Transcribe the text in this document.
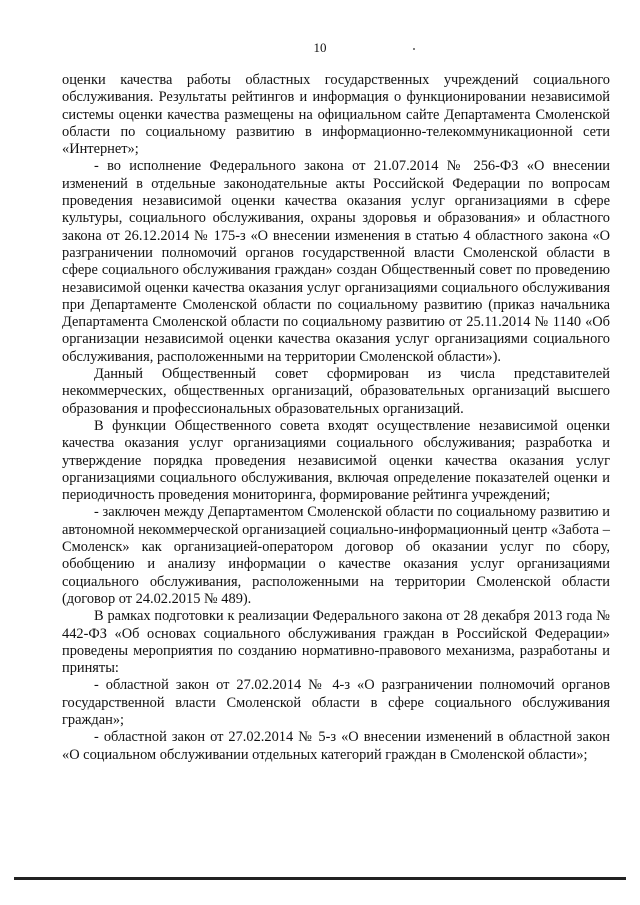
10

оценки качества работы областных государственных учреждений социального обслуживания. Результаты рейтингов и информация о функционировании независимой системы оценки качества размещены на официальном сайте Департамента Смоленской области по социальному развитию в информационно-телекоммуникационной сети «Интернет»;

- во исполнение Федерального закона от 21.07.2014 № 256-ФЗ «О внесении изменений в отдельные законодательные акты Российской Федерации по вопросам проведения независимой оценки качества оказания услуг организациями в сфере культуры, социального обслуживания, охраны здоровья и образования» и областного закона от 26.12.2014 № 175-з «О внесении изменения в статью 4 областного закона «О разграничении полномочий органов государственной власти Смоленской области в сфере социального обслуживания граждан» создан Общественный совет по проведению независимой оценки качества оказания услуг организациями социального обслуживания при Департаменте Смоленской области по социальному развитию (приказ начальника Департамента Смоленской области по социальному развитию от 25.11.2014 № 1140 «Об организации независимой оценки качества оказания услуг организациями социального обслуживания, расположенными на территории Смоленской области»).

Данный Общественный совет сформирован из числа представителей некоммерческих, общественных организаций, образовательных организаций высшего образования и профессиональных образовательных организаций.

В функции Общественного совета входят осуществление независимой оценки качества оказания услуг организациями социального обслуживания; разработка и утверждение порядка проведения независимой оценки качества оказания услуг организациями социального обслуживания, включая определение показателей оценки и периодичность проведения мониторинга, формирование рейтинга учреждений;

- заключен между Департаментом Смоленской области по социальному развитию и автономной некоммерческой организацией социально-информационный центр «Забота – Смоленск» как организацией-оператором договор об оказании услуг по сбору, обобщению и анализу информации о качестве оказания услуг организациями социального обслуживания, расположенными на территории Смоленской области (договор от 24.02.2015 № 489).

В рамках подготовки к реализации Федерального закона от 28 декабря 2013 года № 442-ФЗ «Об основах социального обслуживания граждан в Российской Федерации» проведены мероприятия по созданию нормативно-правового механизма, разработаны и приняты:

- областной закон от 27.02.2014 № 4-з «О разграничении полномочий органов государственной власти Смоленской области в сфере социального обслуживания граждан»;

- областной закон от 27.02.2014 № 5-з «О внесении изменений в областной закон «О социальном обслуживании отдельных категорий граждан в Смоленской области»;
